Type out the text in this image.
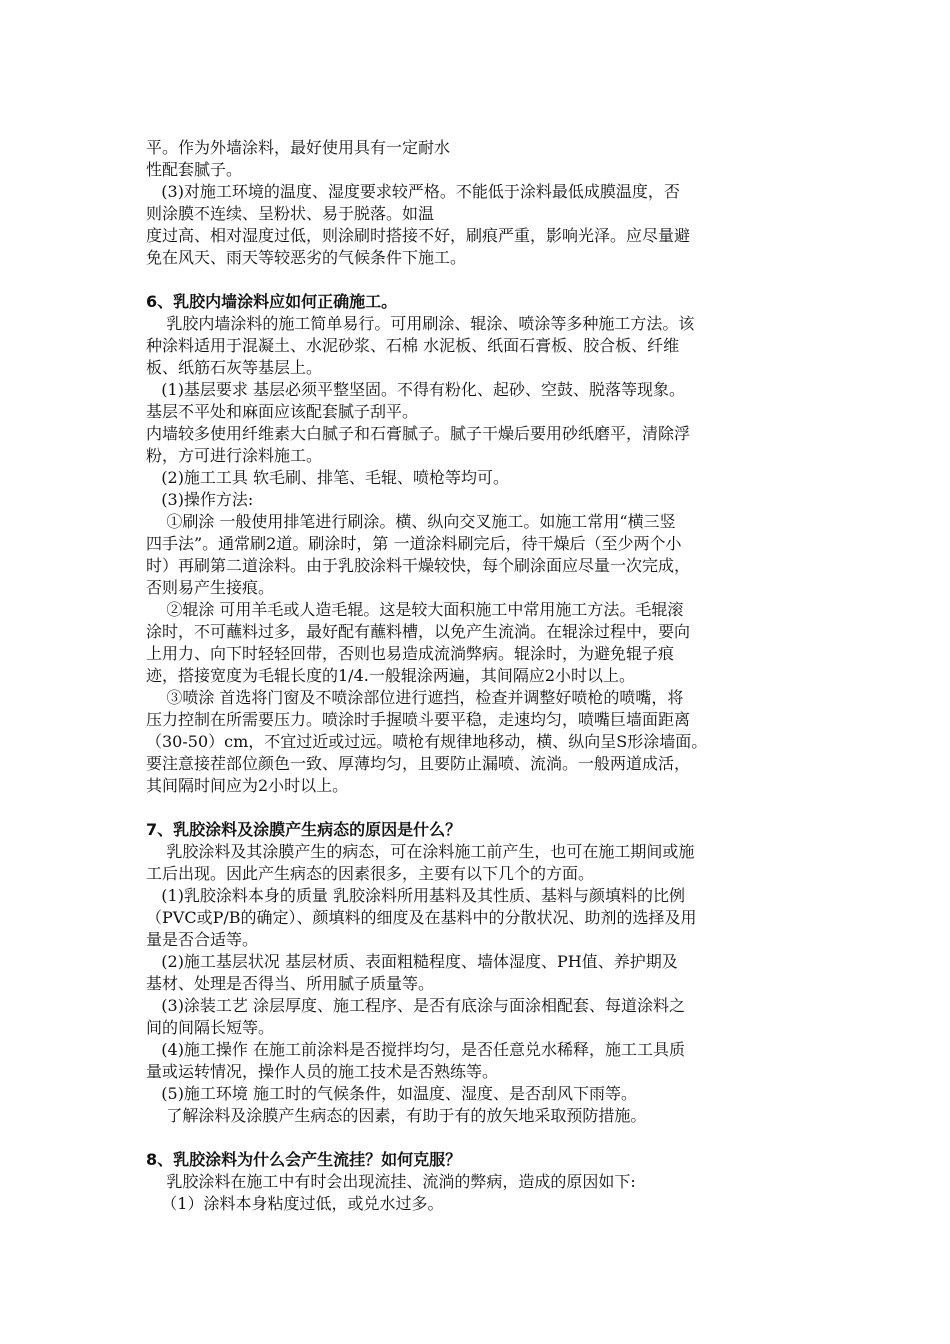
平。作为外墙涂料，最好使用具有一定耐水

性配套腻子。

(3)对施工环境的温度、湿度要求较严格。不能低于涂料最低成膜温度，否

则涂膜不连续、呈粉状、易于脱落。如温

度过高、相对湿度过低，则涂刷时搭接不好，刷痕严重，影响光泽。应尽量避

免在风天、雨天等较恶劣的气候条件下施工。

6、乳胶内墙涂料应如何正确施工。

乳胶内墙涂料的施工简单易行。可用刷涂、辊涂、喷涂等多种施工方法。该

种涂料适用于混凝土、水泥砂浆、石棉 水泥板、纸面石膏板、胶合板、纤维

板、纸筋石灰等基层上。

(1)基层要求 基层必须平整坚固。不得有粉化、起砂、空鼓、脱落等现象。

基层不平处和麻面应该配套腻子刮平。

内墙较多使用纤维素大白腻子和石膏腻子。腻子干燥后要用砂纸磨平，清除浮

粉，方可进行涂料施工。

(2)施工工具 软毛刷、排笔、毛辊、喷枪等均可。

(3)操作方法:

①刷涂 一般使用排笔进行刷涂。横、纵向交叉施工。如施工常用“横三竖

四手法”。通常刷2道。刷涂时，第 一道涂料刷完后，待干燥后（至少两个小

时）再刷第二道涂料。由于乳胶涂料干燥较快，每个刷涂面应尽量一次完成，

否则易产生接痕。

②辊涂 可用羊毛或人造毛辊。这是较大面积施工中常用施工方法。毛辊滚

涂时，不可蘸料过多，最好配有蘸料槽，以免产生流淌。在辊涂过程中，要向

上用力、向下时轻轻回带，否则也易造成流淌弊病。辊涂时，为避免辊子痕

迹，搭接宽度为毛辊长度的1/4.一般辊涂两遍，其间隔应2小时以上。

③喷涂 首选将门窗及不喷涂部位进行遮挡，检查并调整好喷枪的喷嘴，将

压力控制在所需要压力。喷涂时手握喷斗要平稳，走速均匀，喷嘴巨墙面距离

（30-50）cm，不宜过近或过远。喷枪有规律地移动，横、纵向呈S形涂墙面。

要注意接茬部位颜色一致、厚薄均匀，且要防止漏喷、流淌。一般两道成活，

其间隔时间应为2小时以上。

7、乳胶涂料及涂膜产生病态的原因是什么？

乳胶涂料及其涂膜产生的病态，可在涂料施工前产生，也可在施工期间或施

工后出现。因此产生病态的因素很多，主要有以下几个的方面。

(1)乳胶涂料本身的质量 乳胶涂料所用基料及其性质、基料与颜填料的比例

（PVC或P/B的确定）、颜填料的细度及在基料中的分散状况、助剂的选择及用

量是否合适等。

(2)施工基层状况 基层材质、表面粗糙程度、墙体湿度、PH值、养护期及

基材、处理是否得当、所用腻子质量等。

(3)涂装工艺 涂层厚度、施工程序、是否有底涂与面涂相配套、每道涂料之

间的间隔长短等。

(4)施工操作 在施工前涂料是否搅拌均匀，是否任意兑水稀释，施工工具质

量或运转情况，操作人员的施工技术是否熟练等。

(5)施工环境 施工时的气候条件，如温度、湿度、是否刮风下雨等。

了解涂料及涂膜产生病态的因素，有助于有的放矢地采取预防措施。

8、乳胶涂料为什么会产生流挂？如何克服？

乳胶涂料在施工中有时会出现流挂、流淌的弊病，造成的原因如下:

（1）涂料本身粘度过低，或兑水过多。
